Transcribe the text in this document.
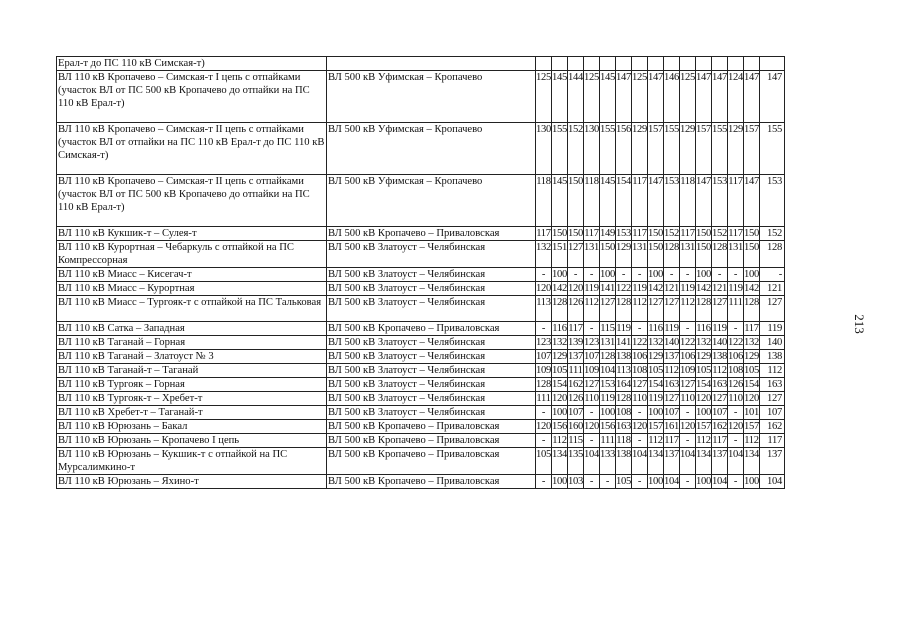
Ерал-т до ПС 110 кВ Симская-т)																
ВЛ 110 кВ Кропачево – Симская-т I цепь с отпайками (участок ВЛ от ПС 500 кВ Кропачево до отпайки на ПС 110 кВ Ерал-т)	ВЛ 500 кВ Уфимская – Кропачево	125	145	144	125	145	147	125	147	146	125	147	147	124	147	147
ВЛ 110 кВ Кропачево – Симская-т II цепь с отпайками (участок ВЛ от отпайки на ПС 110 кВ Ерал-т до ПС 110 кВ Симская-т)	ВЛ 500 кВ Уфимская – Кропачево	130	155	152	130	155	156	129	157	155	129	157	155	129	157	155
ВЛ 110 кВ Кропачево – Симская-т II цепь с отпайками (участок ВЛ от ПС 500 кВ Кропачево до отпайки на ПС 110 кВ Ерал-т)	ВЛ 500 кВ Уфимская – Кропачево	118	145	150	118	145	154	117	147	153	118	147	153	117	147	153
ВЛ 110 кВ Кукшик-т – Сулея-т	ВЛ 500 кВ Кропачево – Приваловская	117	150	150	117	149	153	117	150	152	117	150	152	117	150	152
ВЛ 110 кВ Курортная – Чебаркуль с отпайкой на ПС Компрессорная	ВЛ 500 кВ Златоуст – Челябинская	132	151	127	131	150	129	131	150	128	131	150	128	131	150	128
ВЛ 110 кВ Миасс – Кисегач-т	ВЛ 500 кВ Златоуст – Челябинская	-	100	-	-	100	-	-	100	-	-	100	-	-	100	-
ВЛ 110 кВ Миасс – Курортная	ВЛ 500 кВ Златоуст – Челябинская	120	142	120	119	141	122	119	142	121	119	142	121	119	142	121
ВЛ 110 кВ Миасс – Тургояк-т с отпайкой на ПС Тальковая	ВЛ 500 кВ Златоуст – Челябинская	113	128	126	112	127	128	112	127	127	112	128	127	111	128	127
ВЛ 110 кВ Сатка – Западная	ВЛ 500 кВ Кропачево – Приваловская	-	116	117	-	115	119	-	116	119	-	116	119	-	117	119
ВЛ 110 кВ Таганай – Горная	ВЛ 500 кВ Златоуст – Челябинская	123	132	139	123	131	141	122	132	140	122	132	140	122	132	140
ВЛ 110 кВ Таганай – Златоуст № 3	ВЛ 500 кВ Златоуст – Челябинская	107	129	137	107	128	138	106	129	137	106	129	138	106	129	138
ВЛ 110 кВ Таганай-т – Таганай	ВЛ 500 кВ Златоуст – Челябинская	109	105	111	109	104	113	108	105	112	109	105	112	108	105	112
ВЛ 110 кВ Тургояк – Горная	ВЛ 500 кВ Златоуст – Челябинская	128	154	162	127	153	164	127	154	163	127	154	163	126	154	163
ВЛ 110 кВ Тургояк-т – Хребет-т	ВЛ 500 кВ Златоуст – Челябинская	111	120	126	110	119	128	110	119	127	110	120	127	110	120	127
ВЛ 110 кВ Хребет-т – Таганай-т	ВЛ 500 кВ Златоуст – Челябинская	-	100	107	-	100	108	-	100	107	-	100	107	-	101	107
ВЛ 110 кВ Юрюзань – Бакал	ВЛ 500 кВ Кропачево – Приваловская	120	156	160	120	156	163	120	157	161	120	157	162	120	157	162
ВЛ 110 кВ Юрюзань – Кропачево I цепь	ВЛ 500 кВ Кропачево – Приваловская	-	112	115	-	111	118	-	112	117	-	112	117	-	112	117
ВЛ 110 кВ Юрюзань – Кукшик-т с отпайкой на ПС Мурсалимкино-т	ВЛ 500 кВ Кропачево – Приваловская	105	134	135	104	133	138	104	134	137	104	134	137	104	134	137
ВЛ 110 кВ Юрюзань – Яхино-т	ВЛ 500 кВ Кропачево – Приваловская	-	100	103	-	-	105	-	100	104	-	100	104	-	100	104
213
